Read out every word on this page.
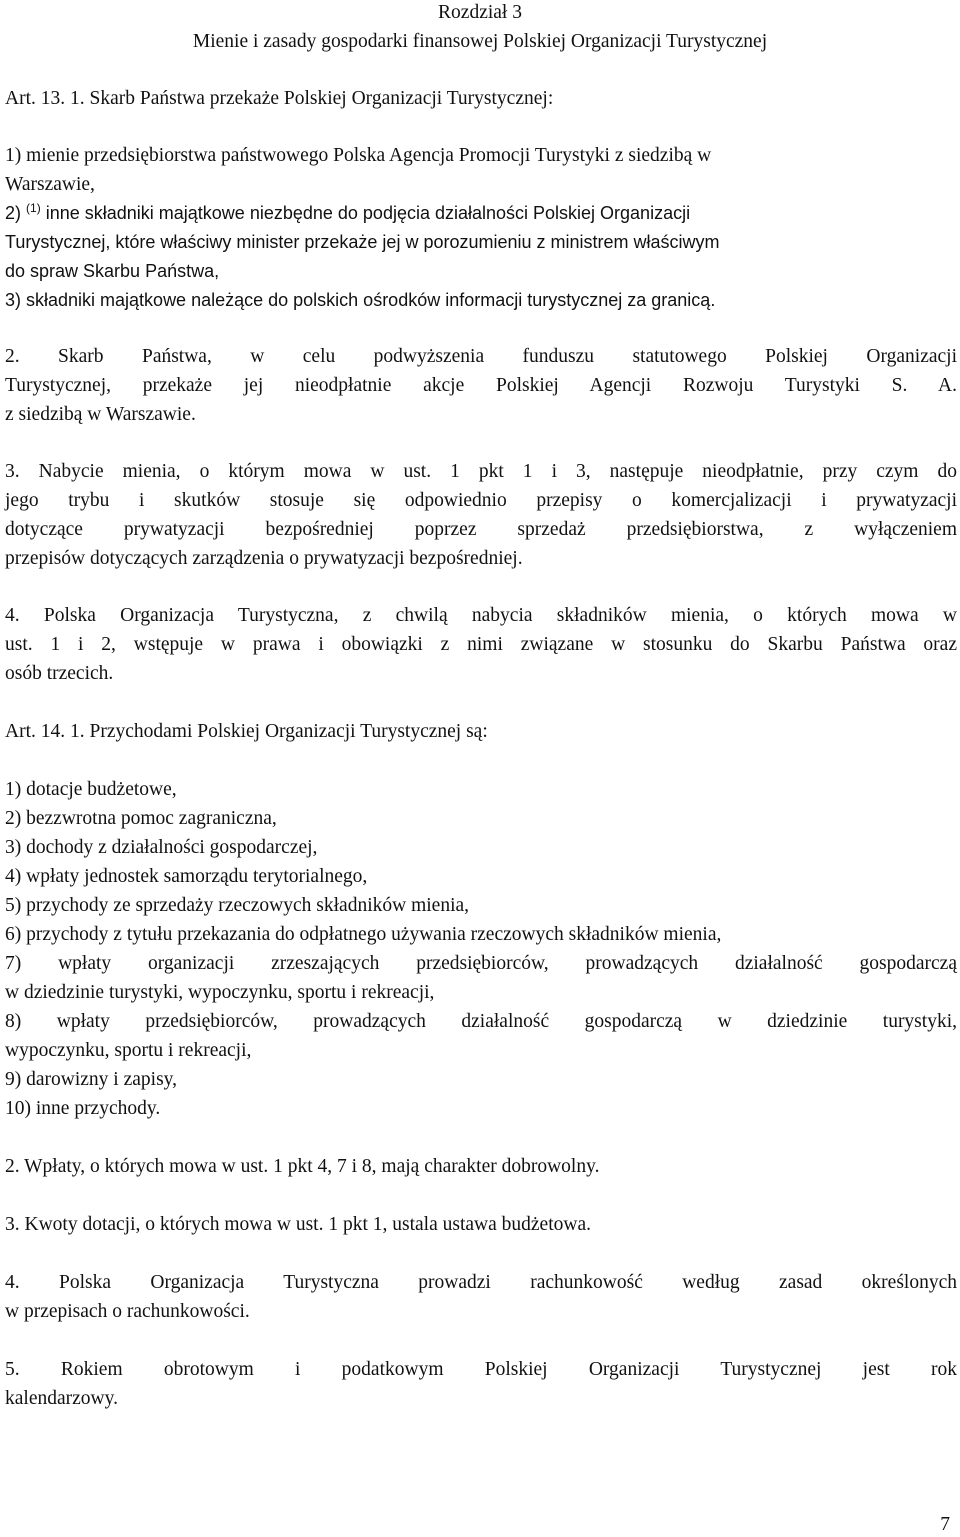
Rozdział 3
Mienie i zasady gospodarki finansowej Polskiej Organizacji Turystycznej
Art. 13. 1. Skarb Państwa przekaże Polskiej Organizacji Turystycznej:
1) mienie przedsiębiorstwa państwowego Polska Agencja Promocji Turystyki z siedzibą w
Warszawie,
2) $^{(1)}$ inne składniki majątkowe niezbędne do podjęcia działalności Polskiej Organizacji
Turystycznej, które właściwy minister przekaże jej w porozumieniu z ministrem właściwym
do spraw Skarbu Państwa,
3) składniki majątkowe należące do polskich ośrodków informacji turystycznej za granicą.
2. Skarb Państwa, w celu podwyższenia funduszu statutowego Polskiej Organizacji
Turystycznej, przekaże jej nieodpłatnie akcje Polskiej Agencji Rozwoju Turystyki S. A.
z siedzibą w Warszawie.
3. Nabycie mienia, o którym mowa w ust. 1 pkt 1 i 3, następuje nieodpłatnie, przy czym do
jego trybu i skutków stosuje się odpowiednio przepisy o komercjalizacji i prywatyzacji
dotyczące prywatyzacji bezpośredniej poprzez sprzedaż przedsiębiorstwa, z wyłączeniem
przepisów dotyczących zarządzenia o prywatyzacji bezpośredniej.
4. Polska Organizacja Turystyczna, z chwilą nabycia składników mienia, o których mowa w
ust. 1 i 2, wstępuje w prawa i obowiązki z nimi związane w stosunku do Skarbu Państwa oraz
osób trzecich.
Art. 14. 1. Przychodami Polskiej Organizacji Turystycznej są:
1) dotacje budżetowe,
2) bezzwrotna pomoc zagraniczna,
3) dochody z działalności gospodarczej,
4) wpłaty jednostek samorządu terytorialnego,
5) przychody ze sprzedaży rzeczowych składników mienia,
6) przychody z tytułu przekazania do odpłatnego używania rzeczowych składników mienia,
7) wpłaty organizacji zrzeszających przedsiębiorców, prowadzących działalność gospodarczą
w dziedzinie turystyki, wypoczynku, sportu i rekreacji,
8) wpłaty przedsiębiorców, prowadzących działalność gospodarczą w dziedzinie turystyki,
wypoczynku, sportu i rekreacji,
9) darowizny i zapisy,
10) inne przychody.
2. Wpłaty, o których mowa w ust. 1 pkt 4, 7 i 8, mają charakter dobrowolny.
3. Kwoty dotacji, o których mowa w ust. 1 pkt 1, ustala ustawa budżetowa.
4. Polska Organizacja Turystyczna prowadzi rachunkowość według zasad określonych
w przepisach o rachunkowości.
5. Rokiem obrotowym i podatkowym Polskiej Organizacji Turystycznej jest rok
kalendarzowy.
7
